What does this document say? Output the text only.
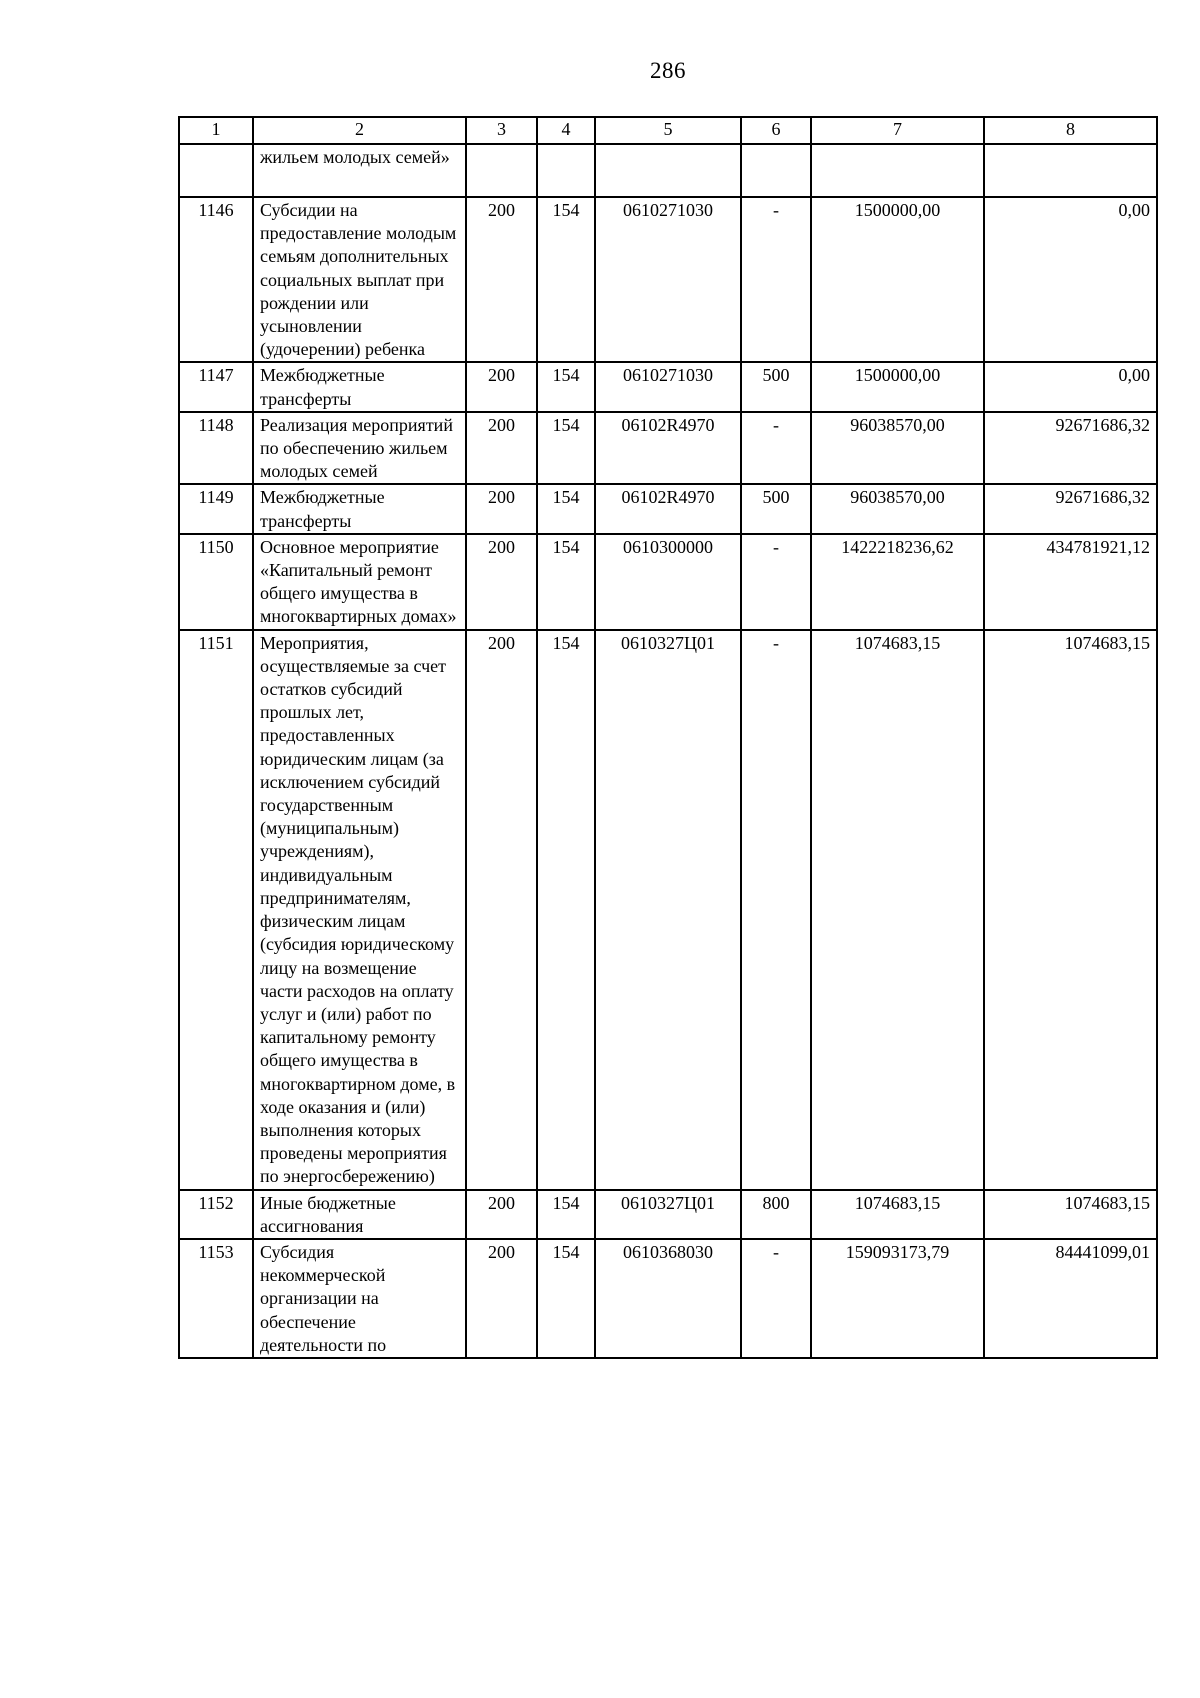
286
1	2	3	4	5	6	7	8
	жильем молодых семей»						
1146	Субсидии на предоставление молодым семьям дополнительных социальных выплат при рождении или усыновлении (удочерении) ребенка	200	154	0610271030	-	1500000,00	0,00
1147	Межбюджетные трансферты	200	154	0610271030	500	1500000,00	0,00
1148	Реализация мероприятий по обеспечению жильем молодых семей	200	154	06102R4970	-	96038570,00	92671686,32
1149	Межбюджетные трансферты	200	154	06102R4970	500	96038570,00	92671686,32
1150	Основное мероприятие «Капитальный ремонт общего имущества в многоквартирных домах»	200	154	0610300000	-	1422218236,62	434781921,12
1151	Мероприятия, осуществляемые за счет остатков субсидий прошлых лет, предоставленных юридическим лицам (за исключением субсидий государственным (муниципальным) учреждениям), индивидуальным предпринимателям, физическим лицам (субсидия юридическому лицу на возмещение части расходов на оплату услуг и (или) работ по капитальному ремонту общего имущества в многоквартирном доме, в ходе оказания и (или) выполнения которых проведены мероприятия по энергосбережению)	200	154	0610327Ц01	-	1074683,15	1074683,15
1152	Иные бюджетные ассигнования	200	154	0610327Ц01	800	1074683,15	1074683,15
1153	Субсидия некоммерческой организации на обеспечение деятельности по	200	154	0610368030	-	159093173,79	84441099,01
